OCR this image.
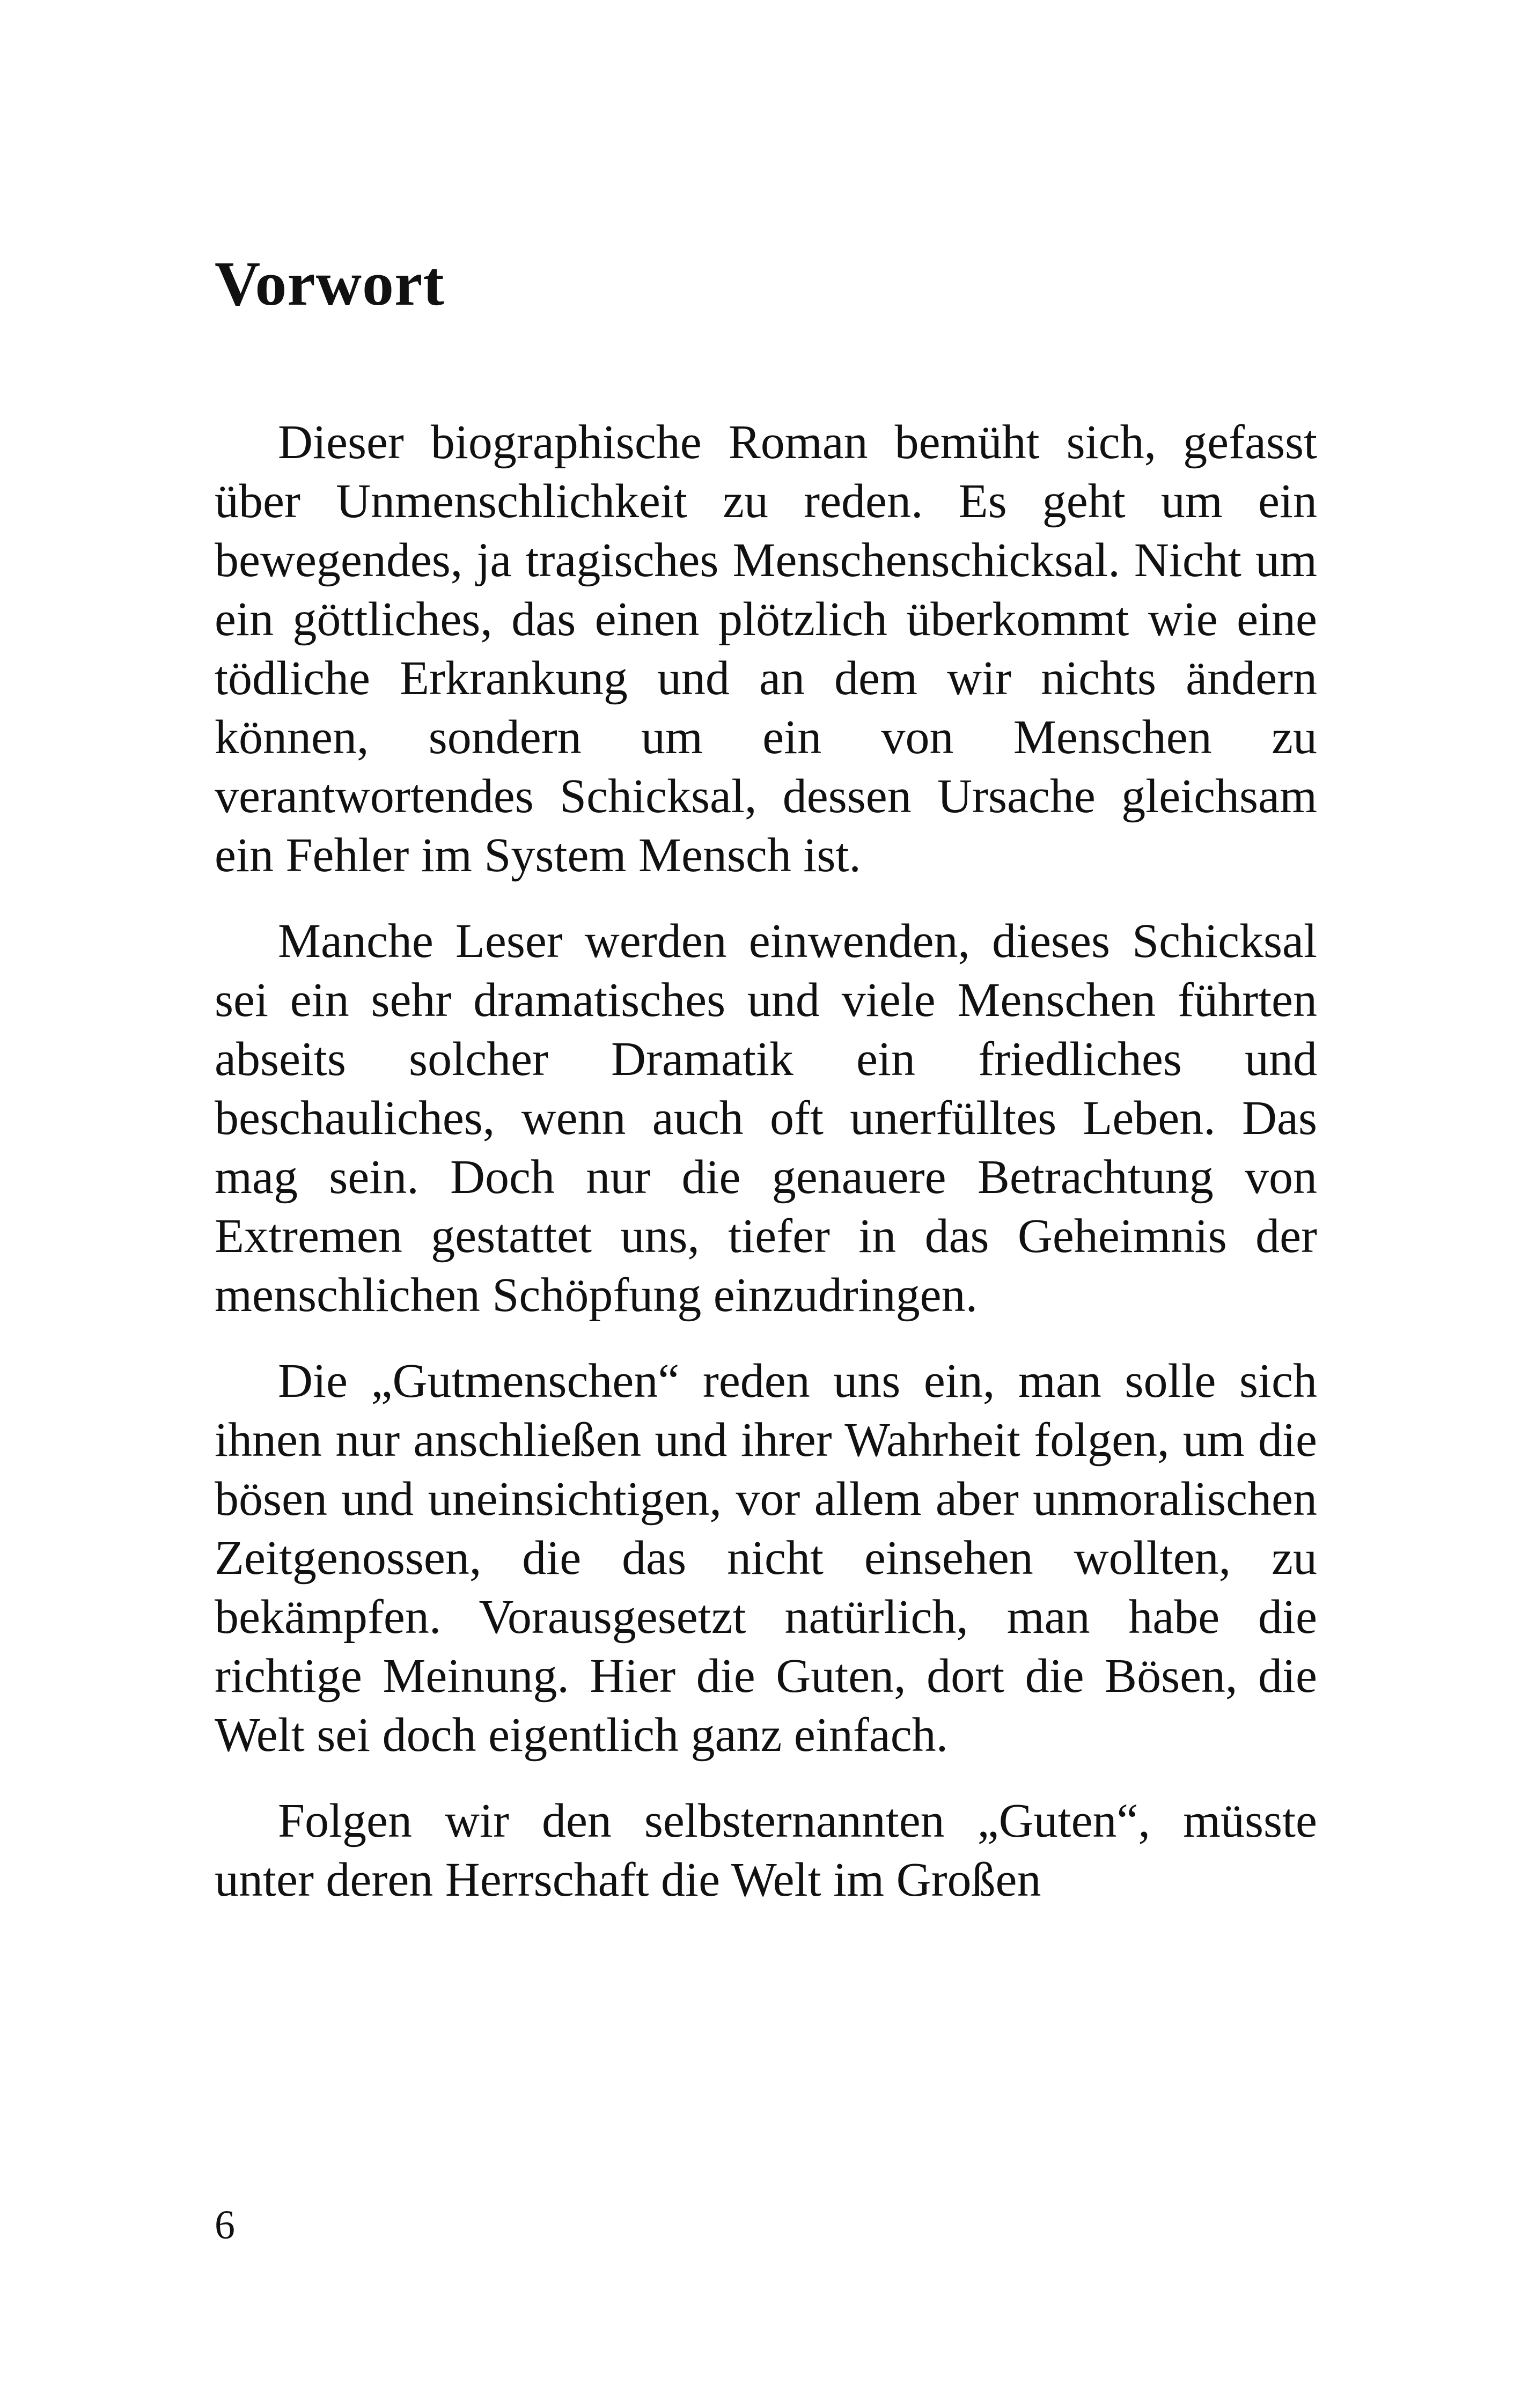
Vorwort

Dieser biographische Roman bemüht sich, gefasst über Unmenschlichkeit zu reden. Es geht um ein bewegendes, ja tragisches Menschenschicksal. Nicht um ein göttliches, das einen plötzlich überkommt wie eine tödliche Erkrankung und an dem wir nichts ändern können, sondern um ein von Menschen zu verantwortendes Schicksal, dessen Ursache gleichsam ein Fehler im System Mensch ist.

Manche Leser werden einwenden, dieses Schicksal sei ein sehr dramatisches und viele Menschen führten abseits solcher Dramatik ein friedliches und beschauliches, wenn auch oft unerfülltes Leben. Das mag sein. Doch nur die genauere Betrachtung von Extremen gestattet uns, tiefer in das Geheimnis der menschlichen Schöpfung einzudringen.

Die „Gutmenschen“ reden uns ein, man solle sich ihnen nur anschließen und ihrer Wahrheit folgen, um die bösen und uneinsichtigen, vor allem aber unmoralischen Zeitgenossen, die das nicht einsehen wollten, zu bekämpfen. Vorausgesetzt natürlich, man habe die richtige Meinung. Hier die Guten, dort die Bösen, die Welt sei doch eigentlich ganz einfach.

Folgen wir den selbsternannten „Guten“, müsste unter deren Herrschaft die Welt im Großen

6
